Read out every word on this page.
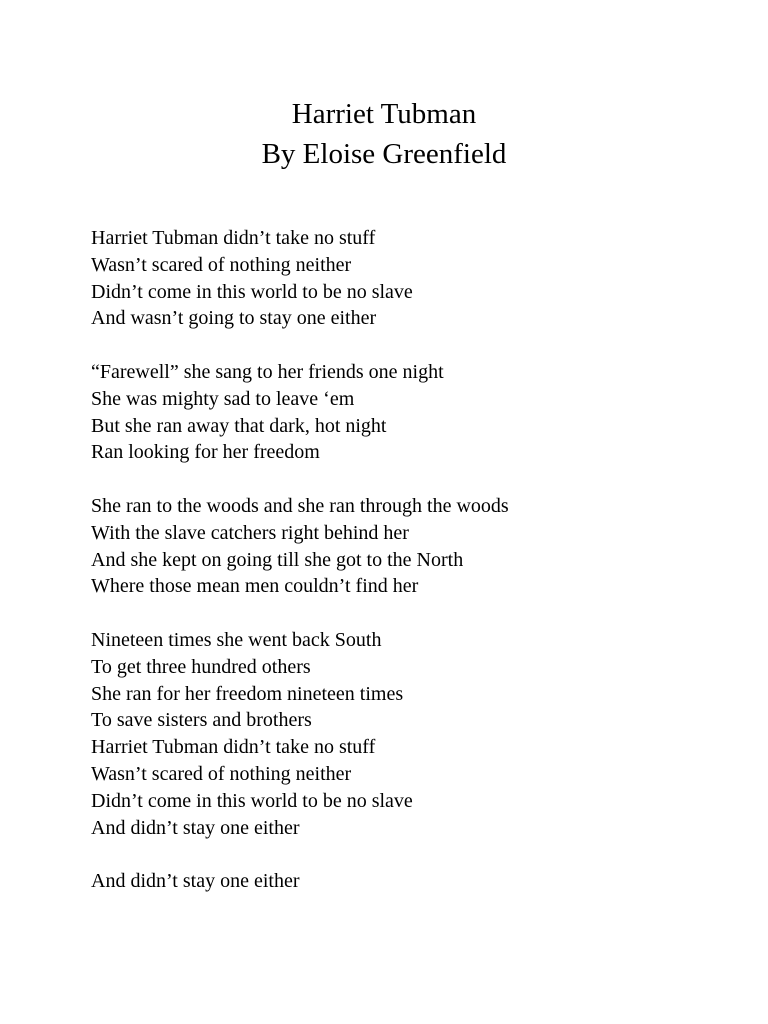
Harriet Tubman
By Eloise Greenfield
Harriet Tubman didn’t take no stuff
Wasn’t scared of nothing neither
Didn’t come in this world to be no slave
And wasn’t going to stay one either
“Farewell” she sang to her friends one night
She was mighty sad to leave ‘em
But she ran away that dark, hot night
Ran looking for her freedom
She ran to the woods and she ran through the woods
With the slave catchers right behind her
And she kept on going till she got to the North
Where those mean men couldn’t find her
Nineteen times she went back South
To get three hundred others
She ran for her freedom nineteen times
To save sisters and brothers
Harriet Tubman didn’t take no stuff
Wasn’t scared of nothing neither
Didn’t come in this world to be no slave
And didn’t stay one either
And didn’t stay one either
